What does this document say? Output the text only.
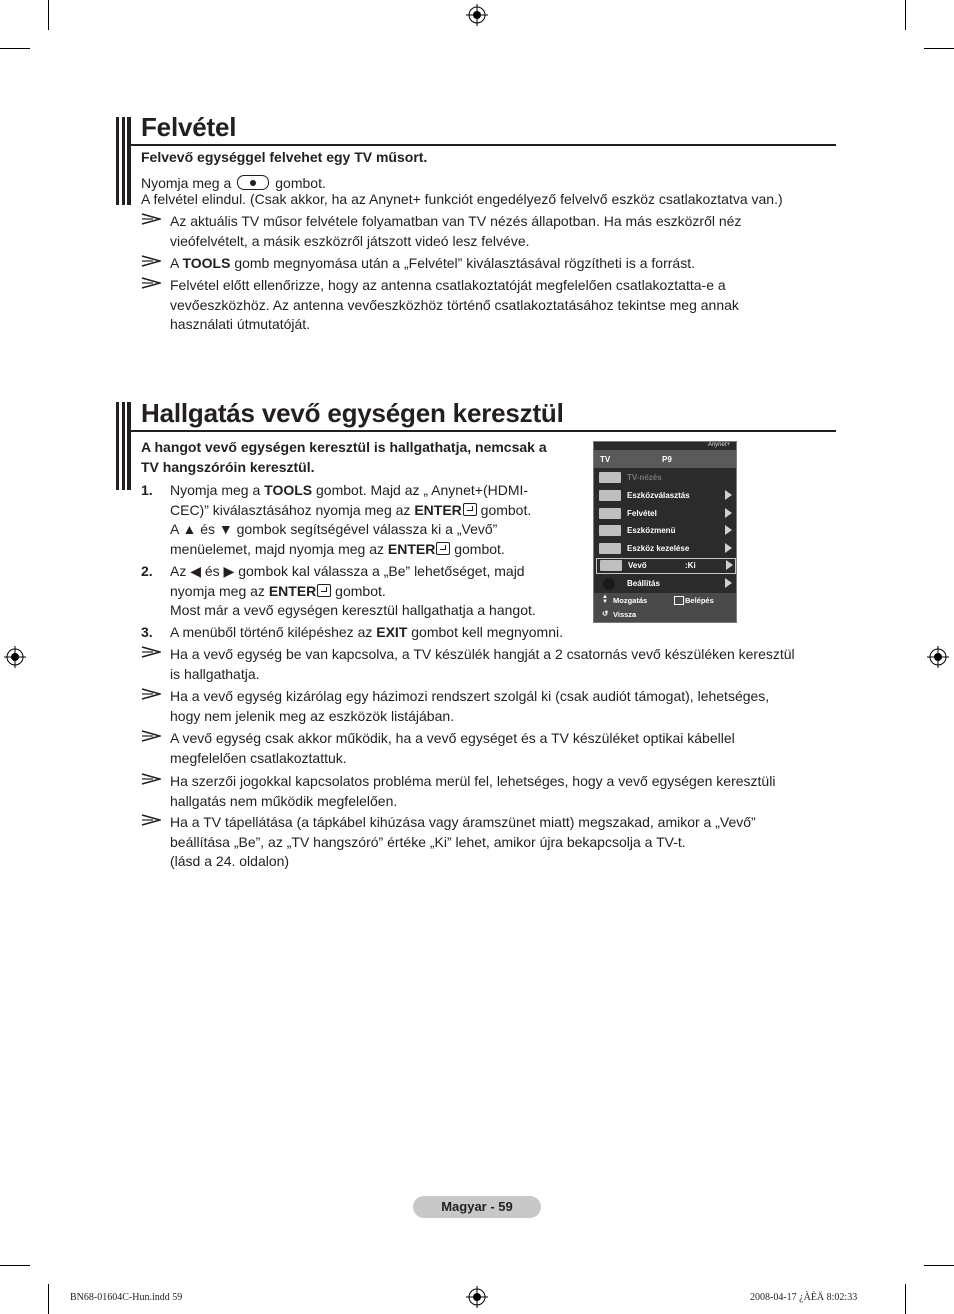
Felvétel
Felvevő egységgel felvehet egy TV műsort.
Nyomja meg a	gombot.
A felvétel elindul. (Csak akkor, ha az Anynet+ funkciót engedélyező felvelvő eszköz csatlakoztatva van.)
Az aktuális TV műsor felvétele folyamatban van TV nézés állapotban. Ha más eszközről néz
vieófelvételt, a másik eszközről játszott videó lesz felvéve.
A TOOLS gomb megnyomása után a „Felvétel” kiválasztásával rögzítheti is a forrást.
Felvétel előtt ellenőrizze, hogy az antenna csatlakoztatóját megfelelően csatlakoztatta-e a
vevőeszközhöz. Az antenna vevőeszközhöz történő csatlakoztatásához tekintse meg annak
használati útmutatóját.
Hallgatás vevő egységen keresztül
A hangot vevő egységen keresztül is hallgathatja, nemcsak a
TV hangszóróin keresztül.
1. Nyomja meg a TOOLS gombot. Majd az „ Anynet+(HDMI-
CEC)” kiválasztásához nyomja meg az ENTER gombot.
A ▲ és ▼ gombok segítségével válassza ki a „Vevő”
menüelemet, majd nyomja meg az ENTER gombot.
2. Az ◀ és ▶ gombok kal válassza a „Be” lehetőséget, majd
nyomja meg az ENTER gombot.
Most már a vevő egységen keresztül hallgathatja a hangot.
3. A menüből történő kilépéshez az EXIT gombot kell megnyomni.
Ha a vevő egység be van kapcsolva, a TV készülék hangját a 2 csatornás vevő készüléken keresztül
is hallgathatja.
Ha a vevő egység kizárólag egy házimozi rendszert szolgál ki (csak audiót támogat), lehetséges,
hogy nem jelenik meg az eszközök listájában.
A vevő egység csak akkor működik, ha a vevő egységet és a TV készüléket optikai kábellel
megfelelően csatlakoztattuk.
Ha szerzői jogokkal kapcsolatos probléma merül fel, lehetséges, hogy a vevő egységen keresztüli
hallgatás nem működik megfelelően.
Ha a TV tápellátása (a tápkábel kihúzása vagy áramszünet miatt) megszakad, amikor a „Vevő”
beállítása „Be”, az „TV hangszóró” értéke „Ki” lehet, amikor újra bekapcsolja a TV-t.
(lásd a 24. oldalon)
Anynet+
TV	P9
TV-nézés
Eszközválasztás
Felvétel
Eszközmenü
Eszköz kezelése
Vevő	:Ki
Beállítás
▲
▼ Mozgatás	Belépés
↺ Vissza
Magyar - 59
BN68-01604C-Hun.indd 59	2008-04-17 ¿ÀÈÄ 8:02:33
